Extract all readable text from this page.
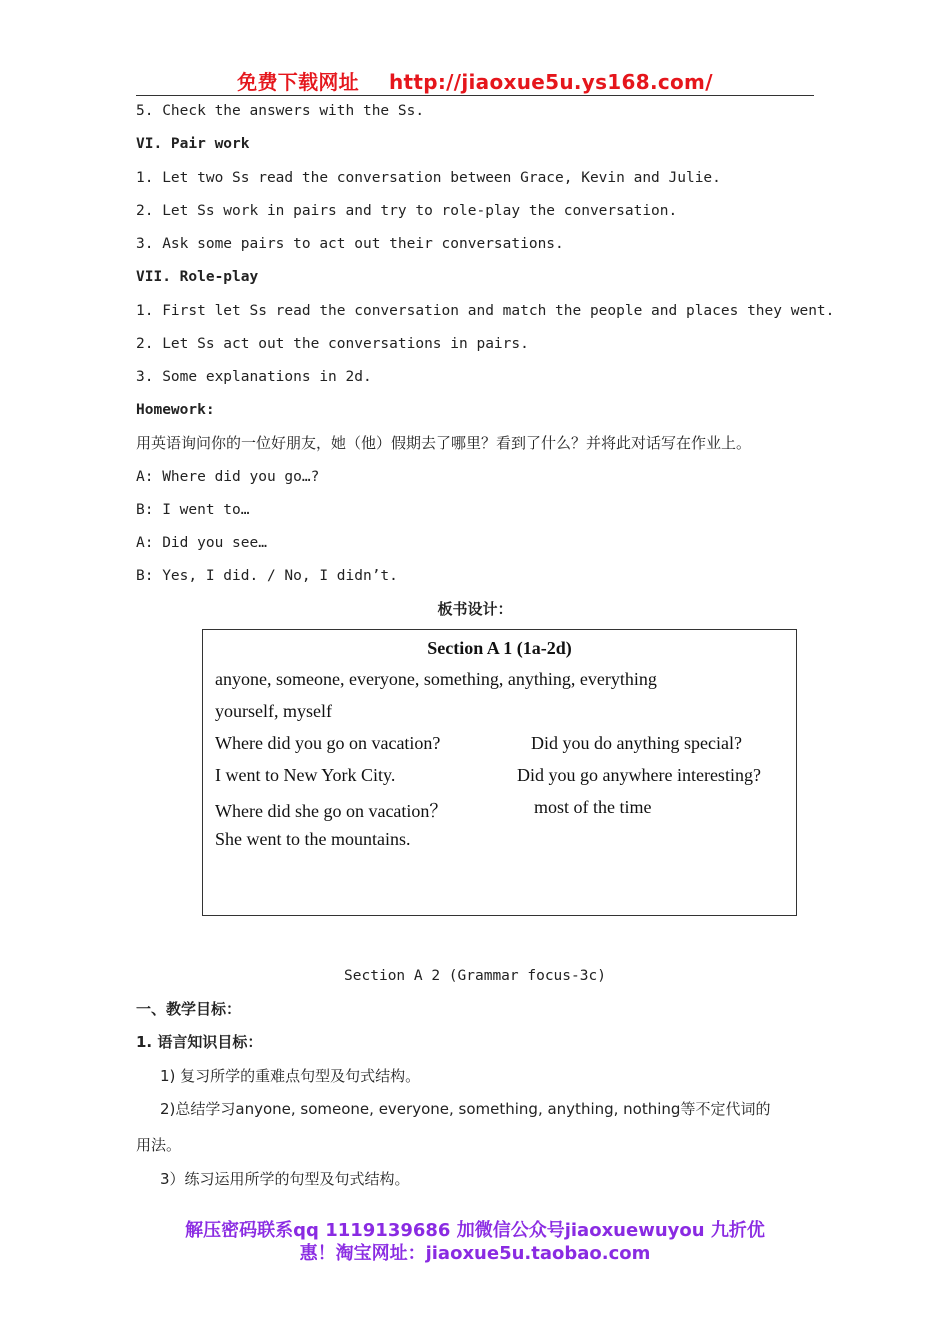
免费下载网址 http://jiaoxue5u.ys168.com/
5. Check the answers with the Ss.
VI. Pair work
1. Let two Ss read the conversation between Grace, Kevin and Julie.
2. Let Ss work in pairs and try to role-play the conversation.
3. Ask some pairs to act out their conversations.
VII. Role-play
1. First let Ss read the conversation and match the people and places they went.
2. Let Ss act out the conversations in pairs.
3. Some explanations in 2d.
Homework:
用英语询问你的一位好朋友，她（他）假期去了哪里？看到了什么？并将此对话写在作业上。
A: Where did you go…?
B: I went to…
A: Did you see…
B: Yes, I did. / No, I didn’t.
板书设计：
Section A 1 (1a-2d)
anyone, someone, everyone, something, anything, everything
yourself, myself
Where did you go on vacation?	Did you do anything special?
I went to New York City.	Did you go anywhere interesting?
Where did she go on vacation？	most of the time
She went to the mountains.
Section A 2 (Grammar focus-3c)
一、教学目标：
1. 语言知识目标：
1) 复习所学的重难点句型及句式结构。
2)总结学习anyone, someone, everyone, something, anything, nothing等不定代词的
用法。
3）练习运用所学的句型及句式结构。
解压密码联系qq 1119139686 加微信公众号jiaoxuewuyou 九折优
惠！淘宝网址：jiaoxue5u.taobao.com
